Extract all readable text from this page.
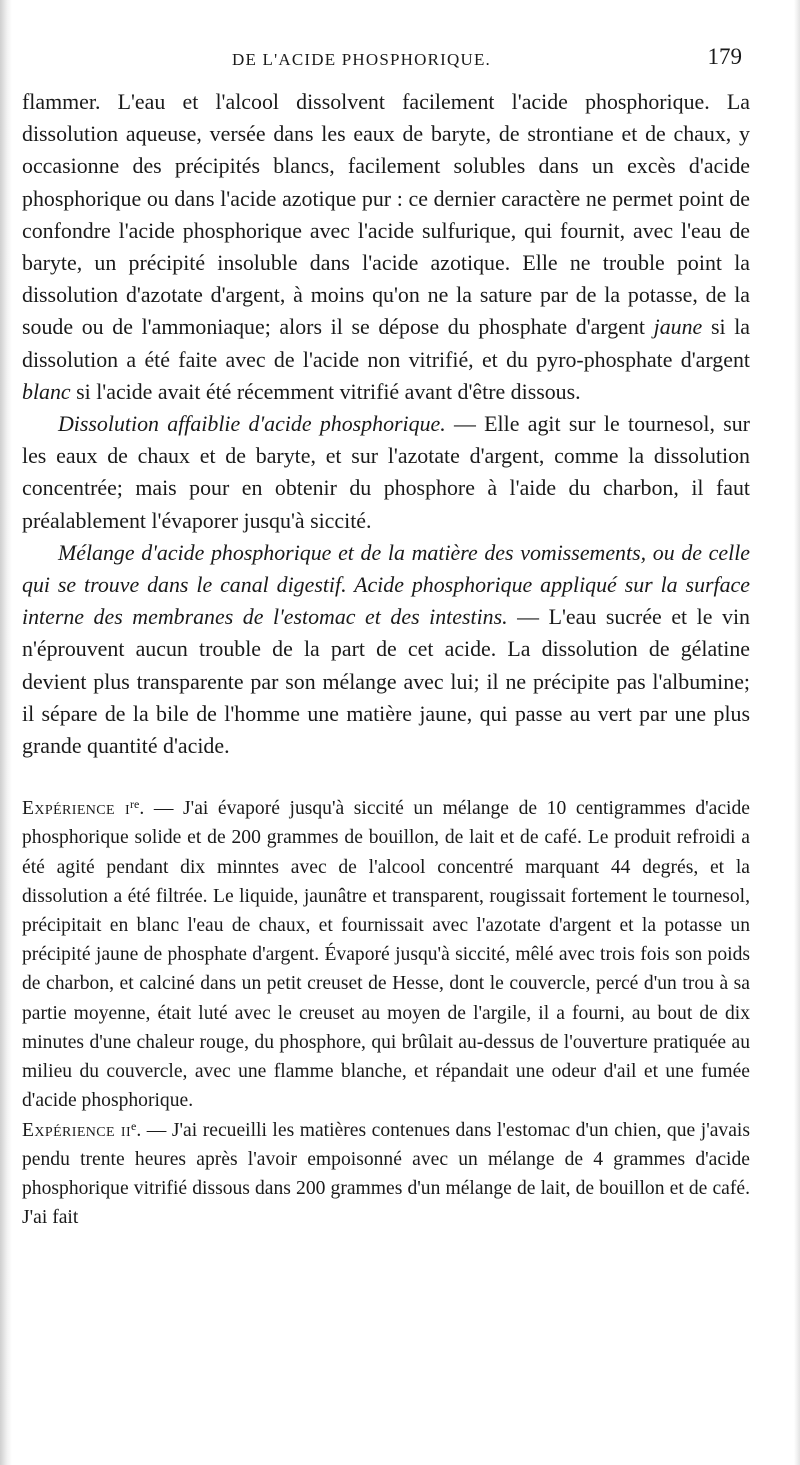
DE L'ACIDE PHOSPHORIQUE.	179

flammer. L'eau et l'alcool dissolvent facilement l'acide phosphorique. La dissolution aqueuse, versée dans les eaux de baryte, de strontiane et de chaux, y occasionne des précipités blancs, facilement solubles dans un excès d'acide phosphorique ou dans l'acide azotique pur : ce dernier caractère ne permet point de confondre l'acide phosphorique avec l'acide sulfurique, qui fournit, avec l'eau de baryte, un précipité insoluble dans l'acide azotique. Elle ne trouble point la dissolution d'azotate d'argent, à moins qu'on ne la sature par de la potasse, de la soude ou de l'ammoniaque; alors il se dépose du phosphate d'argent jaune si la dissolution a été faite avec de l'acide non vitrifié, et du pyro-phosphate d'argent blanc si l'acide avait été récemment vitrifié avant d'être dissous.

Dissolution affaiblie d'acide phosphorique. — Elle agit sur le tournesol, sur les eaux de chaux et de baryte, et sur l'azotate d'argent, comme la dissolution concentrée; mais pour en obtenir du phosphore à l'aide du charbon, il faut préalablement l'évaporer jusqu'à siccité.

Mélange d'acide phosphorique et de la matière des vomissements, ou de celle qui se trouve dans le canal digestif. Acide phosphorique appliqué sur la surface interne des membranes de l'estomac et des intestins. — L'eau sucrée et le vin n'éprouvent aucun trouble de la part de cet acide. La dissolution de gélatine devient plus transparente par son mélange avec lui; il ne précipite pas l'albumine; il sépare de la bile de l'homme une matière jaune, qui passe au vert par une plus grande quantité d'acide.

Expérience $i^{re}$. — J'ai évaporé jusqu'à siccité un mélange de 10 centigrammes d'acide phosphorique solide et de 200 grammes de bouillon, de lait et de café. Le produit refroidi a été agité pendant dix minntes avec de l'alcool concentré marquant 44 degrés, et la dissolution a été filtrée. Le liquide, jaunâtre et transparent, rougissait fortement le tournesol, précipitait en blanc l'eau de chaux, et fournissait avec l'azotate d'argent et la potasse un précipité jaune de phosphate d'argent. Évaporé jusqu'à siccité, mêlé avec trois fois son poids de charbon, et calciné dans un petit creuset de Hesse, dont le couvercle, percé d'un trou à sa partie moyenne, était luté avec le creuset au moyen de l'argile, il a fourni, au bout de dix minutes d'une chaleur rouge, du phosphore, qui brûlait au-dessus de l'ouverture pratiquée au milieu du couvercle, avec une flamme blanche, et répandait une odeur d'ail et une fumée d'acide phosphorique.

Expérience $ii^e$. — J'ai recueilli les matières contenues dans l'estomac d'un chien, que j'avais pendu trente heures après l'avoir empoisonné avec un mélange de 4 grammes d'acide phosphorique vitrifié dissous dans 200 grammes d'un mélange de lait, de bouillon et de café. J'ai fait
